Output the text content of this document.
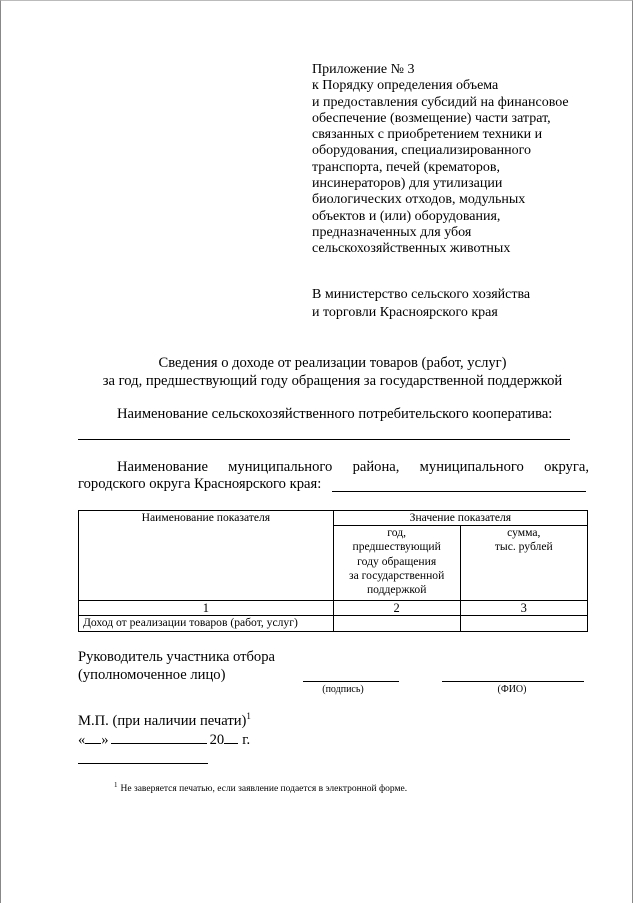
Приложение № 3
к Порядку определения объема
и предоставления субсидий на финансовое
обеспечение (возмещение) части затрат,
связанных с приобретением техники и
оборудования, специализированного
транспорта, печей (крематоров,
инсинераторов) для утилизации
биологических отходов, модульных
объектов и (или) оборудования,
предназначенных для убоя
сельскохозяйственных животных
В министерство сельского хозяйства
и торговли Красноярского края
Сведения о доходе от реализации товаров (работ, услуг)
за год, предшествующий году обращения за государственной поддержкой
Наименование сельскохозяйственного потребительского кооператива:
Наименование муниципального района, муниципального округа,
городского округа Красноярского края:
Наименование показателя	Значение показателя	

	год,
предшествующий
году обращения
за государственной
поддержкой	сумма,
тыс. рублей

1	2	3
Доход от реализации товаров (работ, услуг)		
Руководитель участника отбора
(уполномоченное лицо)
(подпись)	(ФИО)
М.П. (при наличии печати)$^1$
« »	20 г.
$^1$ Не заверяется печатью, если заявление подается в электронной форме.
